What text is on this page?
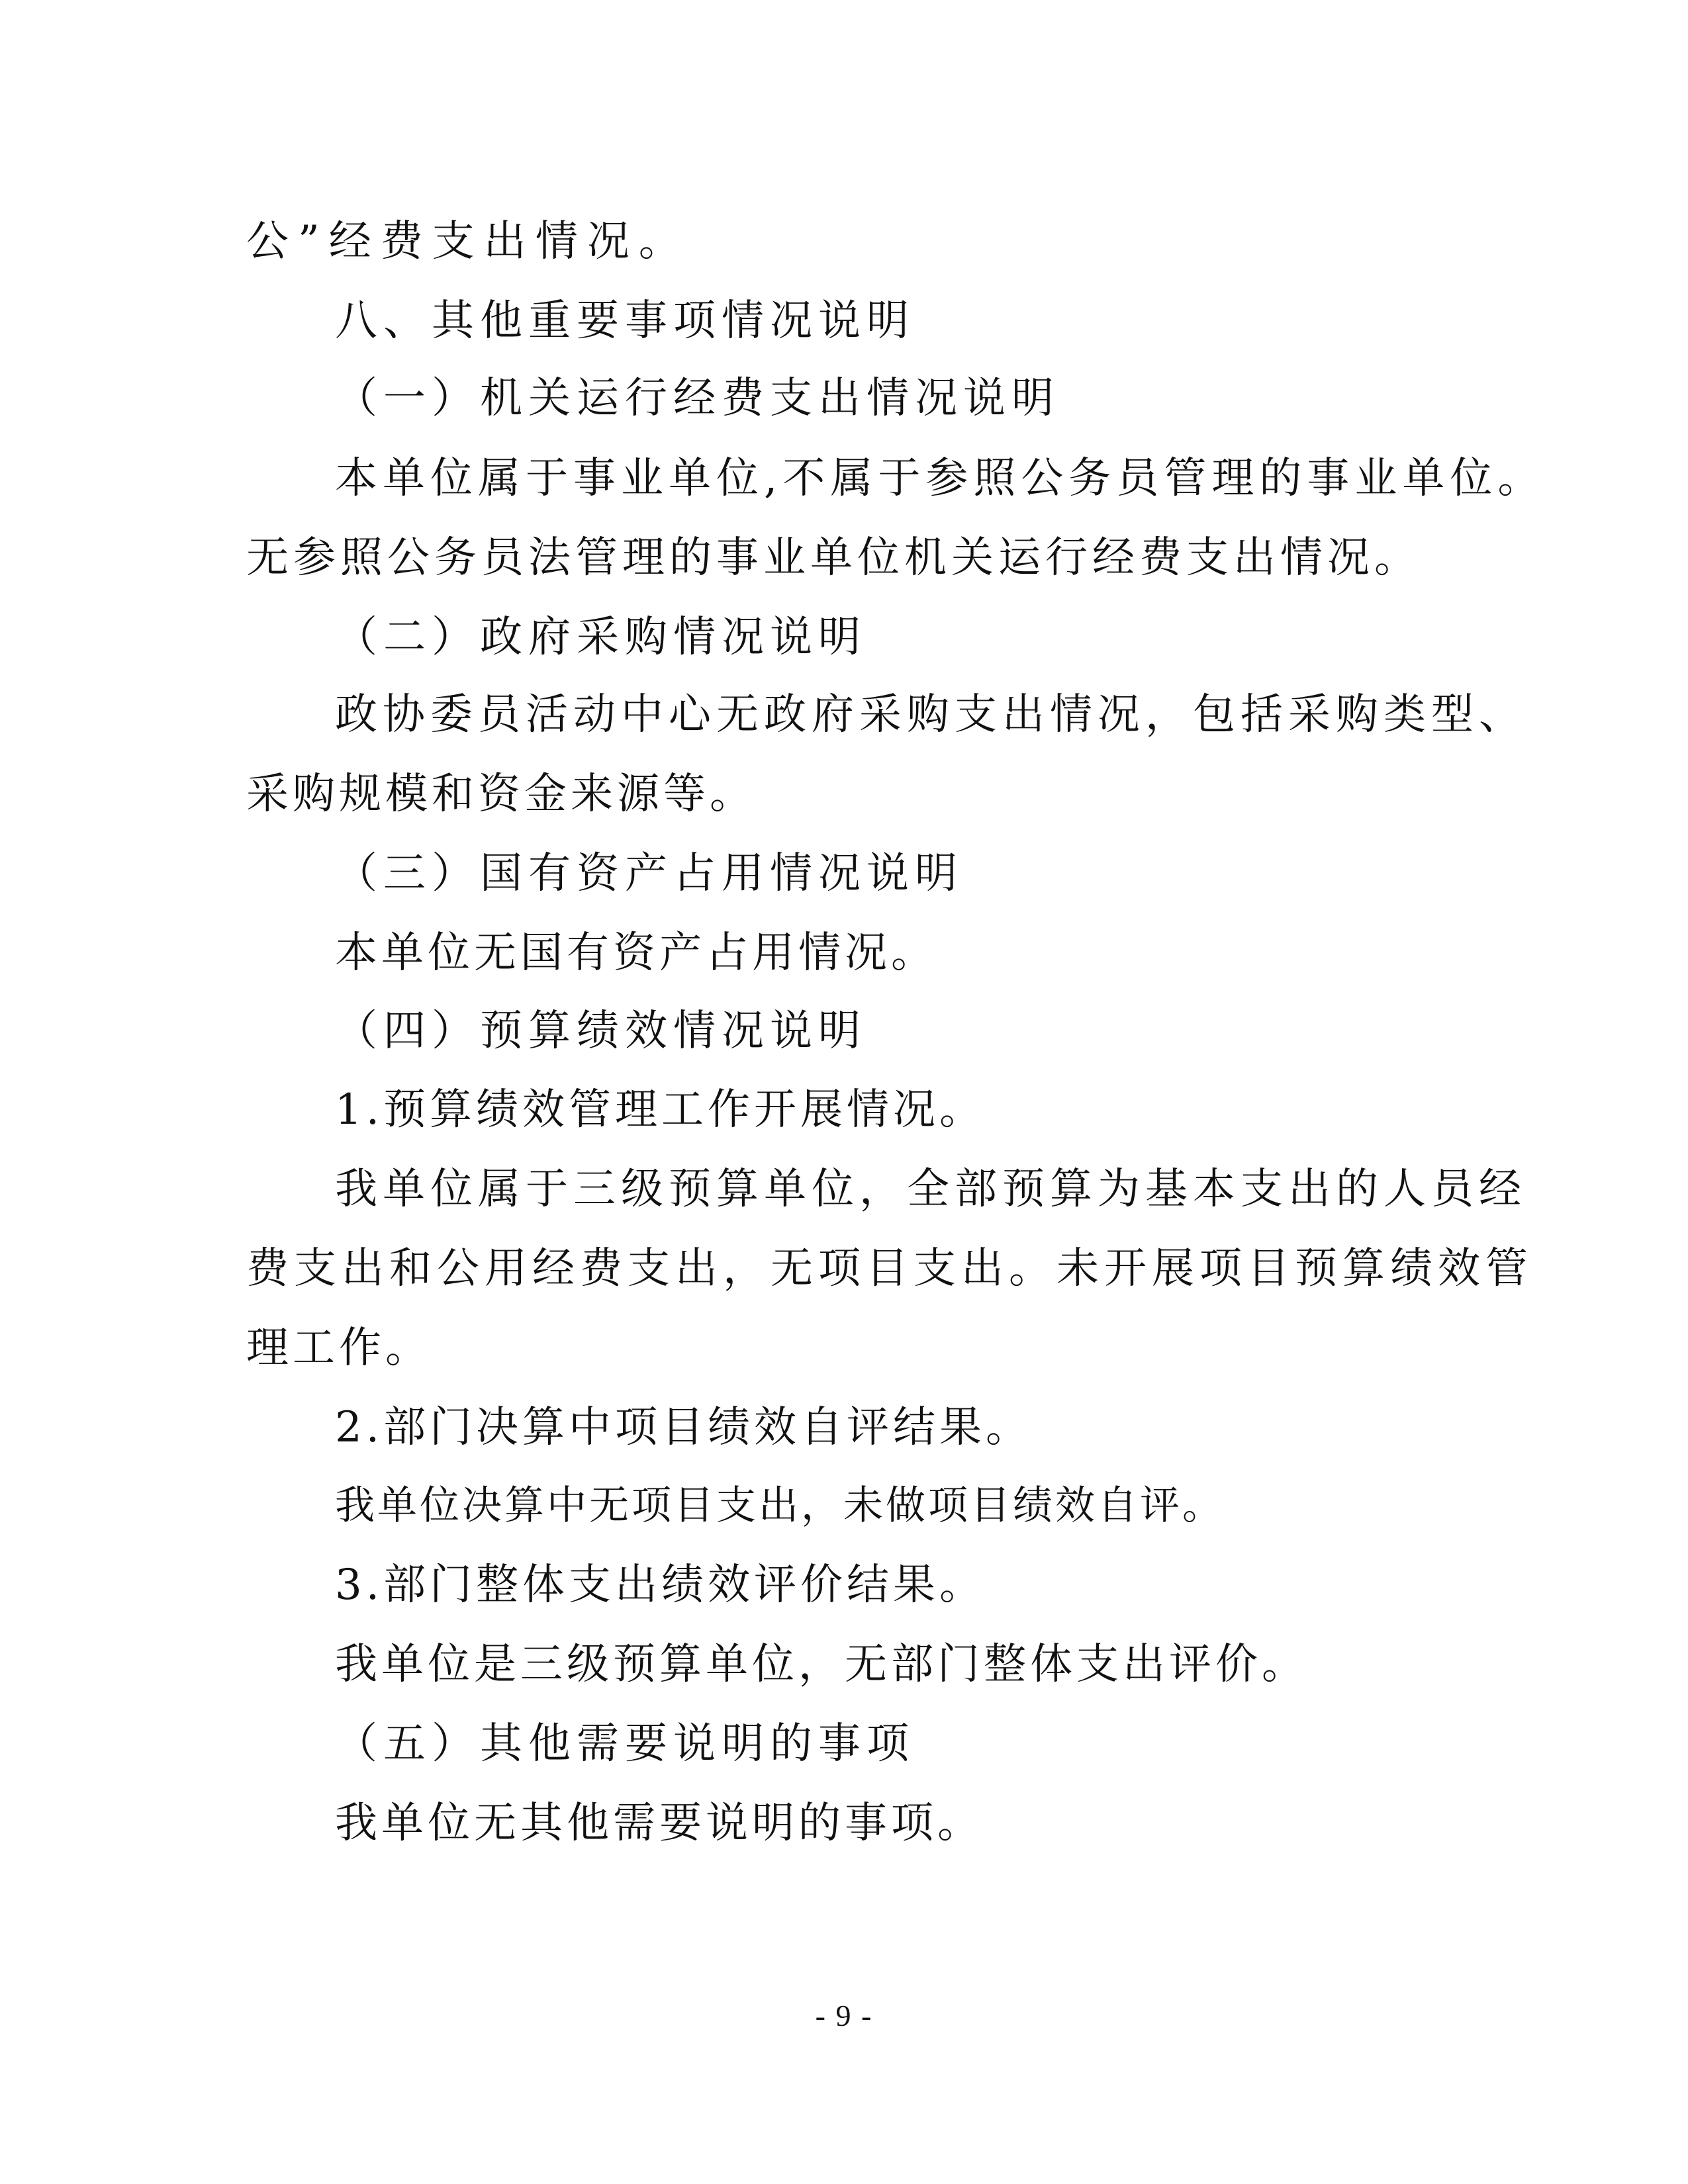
公”经费支出情况。
八、其他重要事项情况说明
（一）机关运行经费支出情况说明
本单位属于事业单位,不属于参照公务员管理的事业单位。
无参照公务员法管理的事业单位机关运行经费支出情况。
（二）政府采购情况说明
政协委员活动中心无政府采购支出情况，包括采购类型、
采购规模和资金来源等。
（三）国有资产占用情况说明
本单位无国有资产占用情况。
（四）预算绩效情况说明
1.预算绩效管理工作开展情况。
我单位属于三级预算单位，全部预算为基本支出的人员经
费支出和公用经费支出，无项目支出。未开展项目预算绩效管
理工作。
2.部门决算中项目绩效自评结果。
我单位决算中无项目支出，未做项目绩效自评。
3.部门整体支出绩效评价结果。
我单位是三级预算单位，无部门整体支出评价。
（五）其他需要说明的事项
我单位无其他需要说明的事项。
- 9 -
